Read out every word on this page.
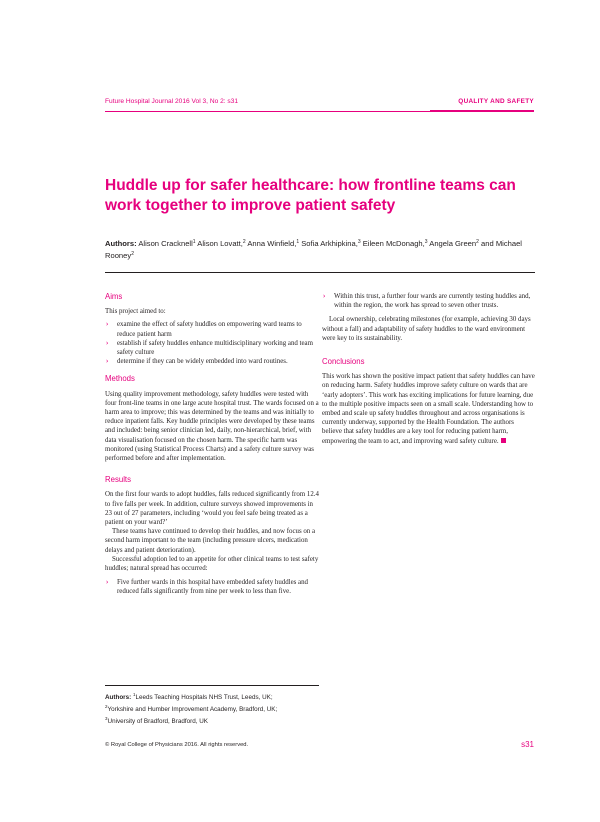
Future Hospital Journal 2016 Vol 3, No 2: s31	QUALITY AND SAFETY
Huddle up for safer healthcare: how frontline teams can work together to improve patient safety
Authors: Alison Cracknell$^1$ Alison Lovatt,$^2$ Anna Winfield,$^1$ Sofia Arkhipkina,$^3$ Eileen McDonagh,$^3$ Angela Green$^2$ and Michael Rooney$^2$
Aims

This project aimed to:

› examine the effect of safety huddles on empowering ward teams to reduce patient harm
› establish if safety huddles enhance multidisciplinary working and team safety culture
› determine if they can be widely embedded into ward routines.
Methods

Using quality improvement methodology, safety huddles were tested with four front-line teams in one large acute hospital trust. The wards focused on a harm area to improve; this was determined by the teams and was initially to reduce inpatient falls. Key huddle principles were developed by these teams and included: being senior clinician led, daily, non-hierarchical, brief, with data visualisation focused on the chosen harm. The specific harm was monitored (using Statistical Process Charts) and a safety culture survey was performed before and after implementation.

Results

On the first four wards to adopt huddles, falls reduced significantly from 12.4 to five falls per week. In addition, culture surveys showed improvements in 23 out of 27 parameters, including ‘would you feel safe being treated as a patient on your ward?’

These teams have continued to develop their huddles, and now focus on a second harm important to the team (including pressure ulcers, medication delays and patient deterioration).

Successful adoption led to an appetite for other clinical teams to test safety huddles; natural spread has occurred:

› Five further wards in this hospital have embedded safety huddles and reduced falls significantly from nine per week to less than five.
› Within this trust, a further four wards are currently testing huddles and, within the region, the work has spread to seven other trusts.

Local ownership, celebrating milestones (for example, achieving 30 days without a fall) and adaptability of safety huddles to the ward environment were key to its sustainability.

Conclusions

This work has shown the positive impact patient that safety huddles can have on reducing harm. Safety huddles improve safety culture on wards that are ‘early adopters’. This work has exciting implications for future learning, due to the multiple positive impacts seen on a small scale. Understanding how to embed and scale up safety huddles throughout and across organisations is currently underway, supported by the Health Foundation. The authors believe that safety huddles are a key tool for reducing patient harm, empowering the team to act, and improving ward safety culture.

Authors: $^1$Leeds Teaching Hospitals NHS Trust, Leeds, UK;
$^2$Yorkshire and Humber Improvement Academy, Bradford, UK;
$^3$University of Bradford, Bradford, UK
© Royal College of Physicians 2016. All rights reserved.	s31
